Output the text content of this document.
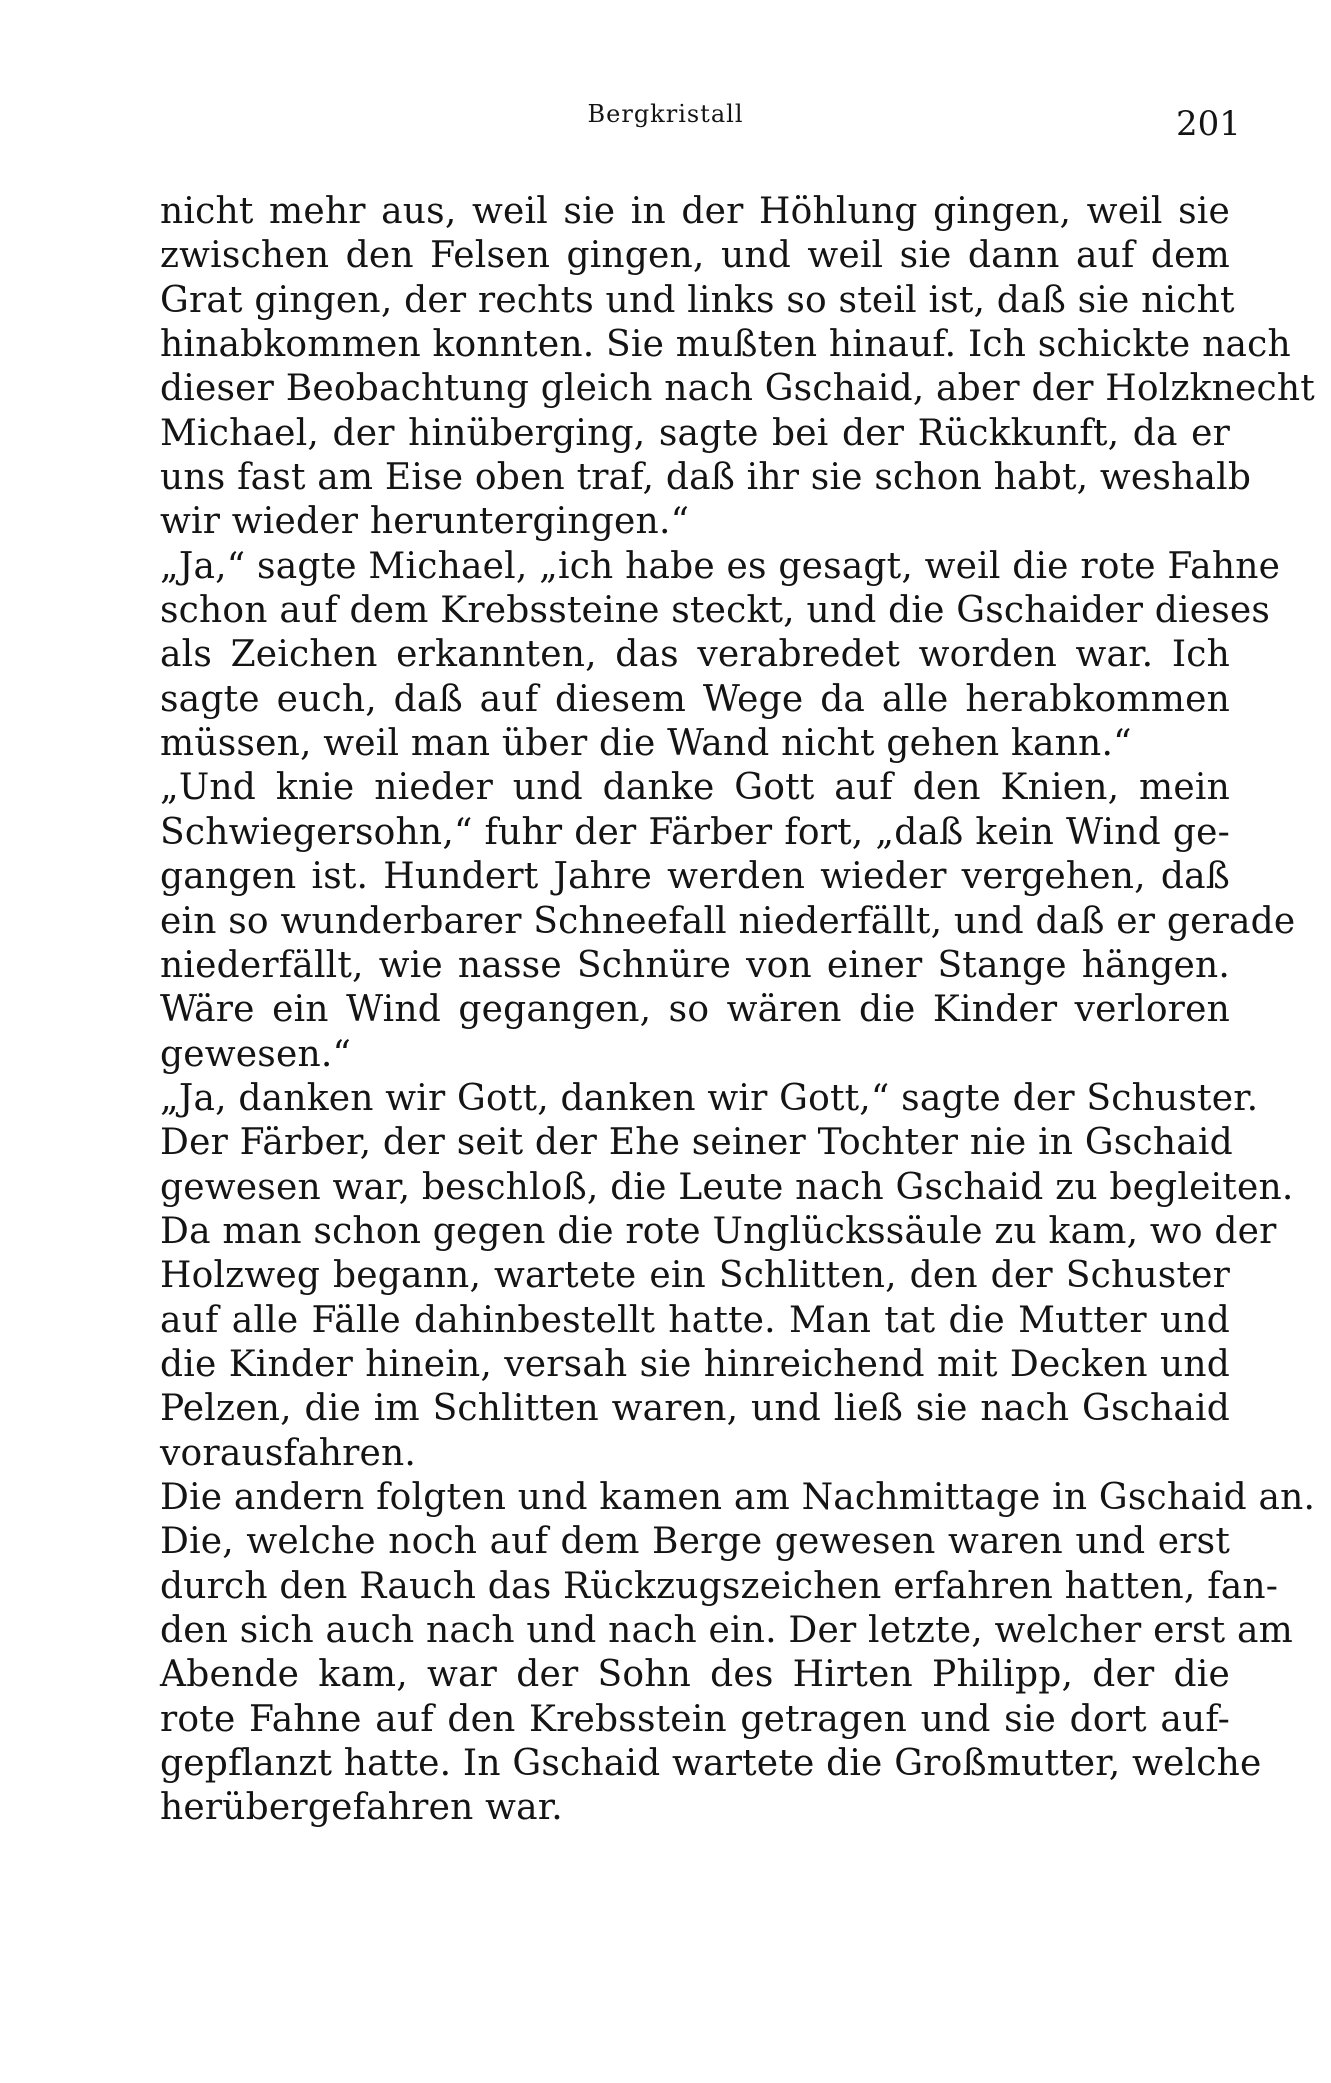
Bergkristall	201
nicht mehr aus, weil sie in der Höhlung gingen, weil sie
zwischen den Felsen gingen, und weil sie dann auf dem
Grat gingen, der rechts und links so steil ist, daß sie nicht
hinabkommen konnten. Sie mußten hinauf. Ich schickte nach
dieser Beobachtung gleich nach Gschaid, aber der Holzknecht
Michael, der hinüberging, sagte bei der Rückkunft, da er
uns fast am Eise oben traf, daß ihr sie schon habt, weshalb
wir wieder heruntergingen.“
„Ja,“ sagte Michael, „ich habe es gesagt, weil die rote Fahne
schon auf dem Krebssteine steckt, und die Gschaider dieses
als Zeichen erkannten, das verabredet worden war. Ich
sagte euch, daß auf diesem Wege da alle herabkommen
müssen, weil man über die Wand nicht gehen kann.“
„Und knie nieder und danke Gott auf den Knien, mein
Schwiegersohn,“ fuhr der Färber fort, „daß kein Wind ge-
gangen ist. Hundert Jahre werden wieder vergehen, daß
ein so wunderbarer Schneefall niederfällt, und daß er gerade
niederfällt, wie nasse Schnüre von einer Stange hängen.
Wäre ein Wind gegangen, so wären die Kinder verloren
gewesen.“
„Ja, danken wir Gott, danken wir Gott,“ sagte der Schuster.
Der Färber, der seit der Ehe seiner Tochter nie in Gschaid
gewesen war, beschloß, die Leute nach Gschaid zu begleiten.
Da man schon gegen die rote Unglückssäule zu kam, wo der
Holzweg begann, wartete ein Schlitten, den der Schuster
auf alle Fälle dahinbestellt hatte. Man tat die Mutter und
die Kinder hinein, versah sie hinreichend mit Decken und
Pelzen, die im Schlitten waren, und ließ sie nach Gschaid
vorausfahren.
Die andern folgten und kamen am Nachmittage in Gschaid an.
Die, welche noch auf dem Berge gewesen waren und erst
durch den Rauch das Rückzugszeichen erfahren hatten, fan-
den sich auch nach und nach ein. Der letzte, welcher erst am
Abende kam, war der Sohn des Hirten Philipp, der die
rote Fahne auf den Krebsstein getragen und sie dort auf-
gepflanzt hatte. In Gschaid wartete die Großmutter, welche
herübergefahren war.
